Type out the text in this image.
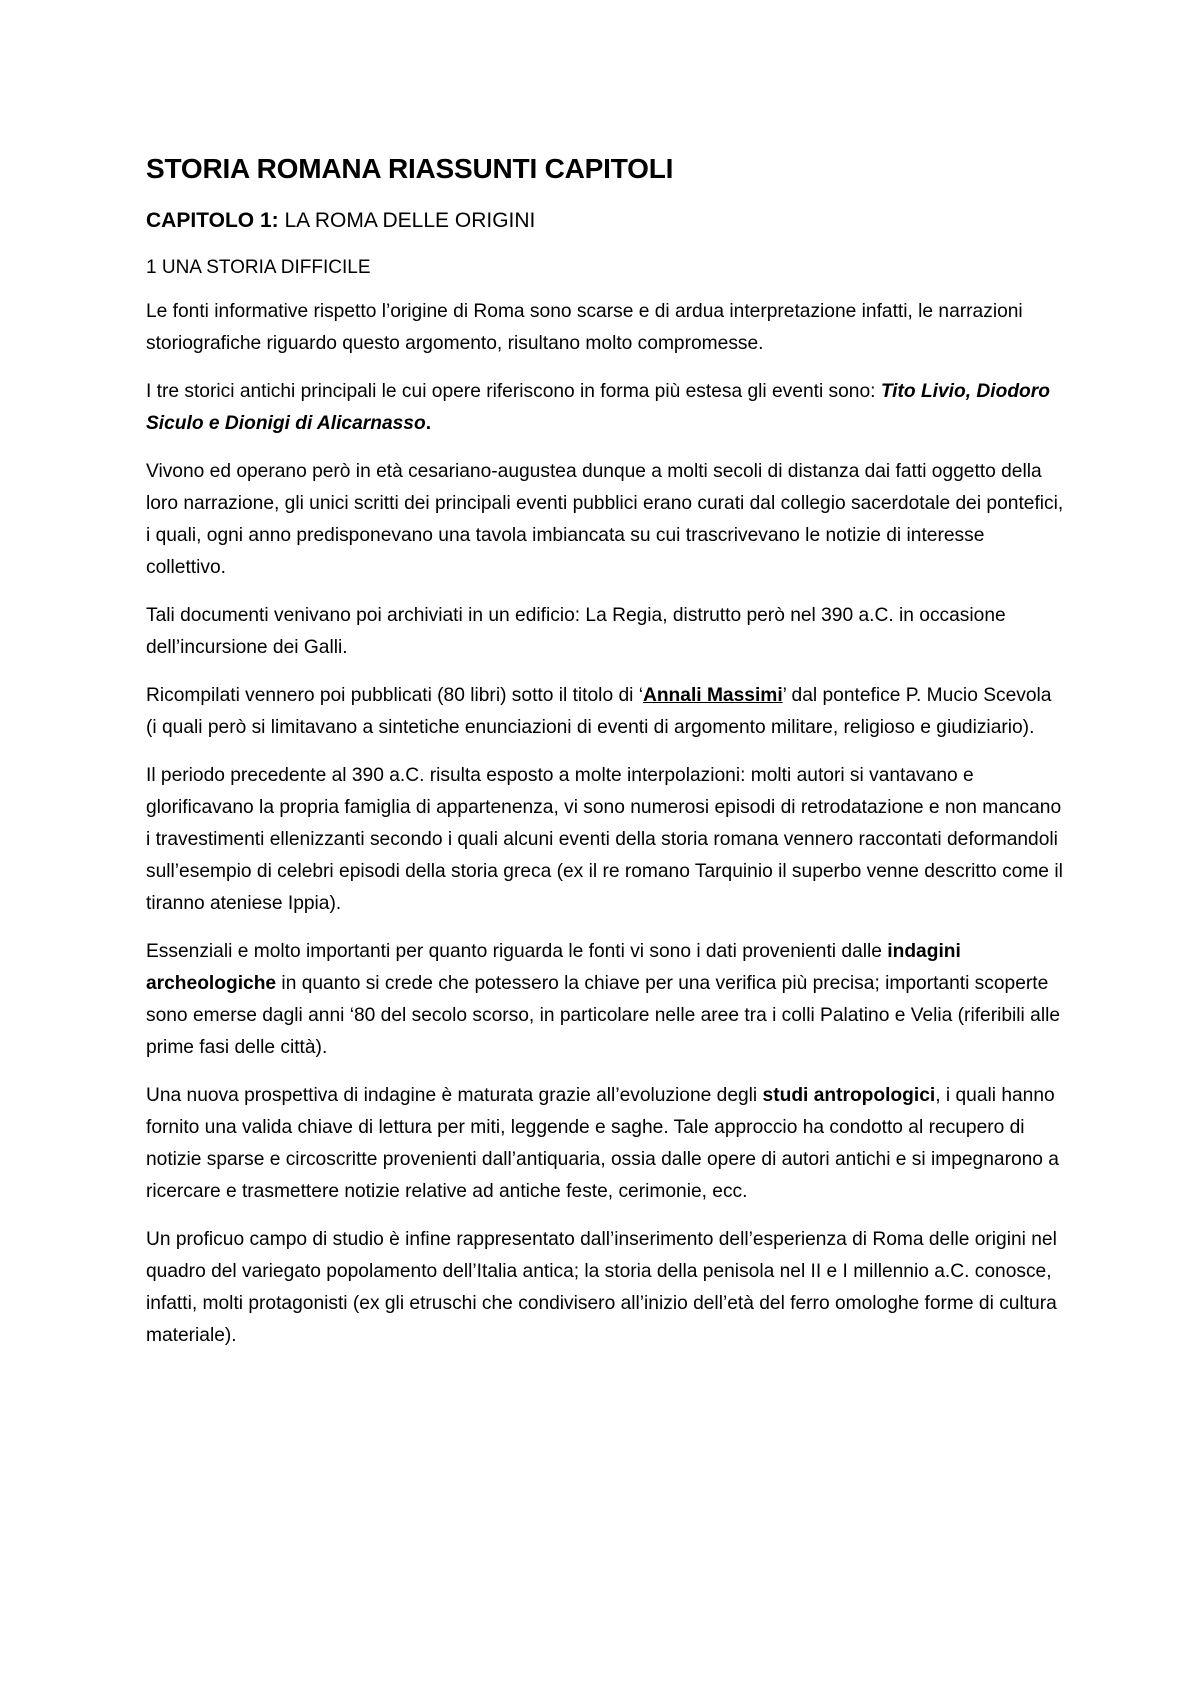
STORIA ROMANA RIASSUNTI CAPITOLI
CAPITOLO 1: LA ROMA DELLE ORIGINI
1 UNA STORIA DIFFICILE

Le fonti informative rispetto l’origine di Roma sono scarse e di ardua interpretazione infatti, le narrazioni storiografiche riguardo questo argomento, risultano molto compromesse.

I tre storici antichi principali le cui opere riferiscono in forma più estesa gli eventi sono: Tito Livio, Diodoro Siculo e Dionigi di Alicarnasso.

Vivono ed operano però in età cesariano-augustea dunque a molti secoli di distanza dai fatti oggetto della loro narrazione, gli unici scritti dei principali eventi pubblici erano curati dal collegio sacerdotale dei pontefici, i quali, ogni anno predisponevano una tavola imbiancata su cui trascrivevano le notizie di interesse collettivo.

Tali documenti venivano poi archiviati in un edificio: La Regia, distrutto però nel 390 a.C. in occasione dell’incursione dei Galli.

Ricompilati vennero poi pubblicati (80 libri) sotto il titolo di ‘Annali Massimi’ dal pontefice P. Mucio Scevola (i quali però si limitavano a sintetiche enunciazioni di eventi di argomento militare, religioso e giudiziario).

Il periodo precedente al 390 a.C. risulta esposto a molte interpolazioni: molti autori si vantavano e glorificavano la propria famiglia di appartenenza, vi sono numerosi episodi di retrodatazione e non mancano i travestimenti ellenizzanti secondo i quali alcuni eventi della storia romana vennero raccontati deformandoli sull’esempio di celebri episodi della storia greca (ex il re romano Tarquinio il superbo venne descritto come il tiranno ateniese Ippia).

Essenziali e molto importanti per quanto riguarda le fonti vi sono i dati provenienti dalle indagini archeologiche in quanto si crede che potessero la chiave per una verifica più precisa; importanti scoperte sono emerse dagli anni ‘80 del secolo scorso, in particolare nelle aree tra i colli Palatino e Velia (riferibili alle prime fasi delle città).

Una nuova prospettiva di indagine è maturata grazie all’evoluzione degli studi antropologici, i quali hanno fornito una valida chiave di lettura per miti, leggende e saghe. Tale approccio ha condotto al recupero di notizie sparse e circoscritte provenienti dall’antiquaria, ossia dalle opere di autori antichi e si impegnarono a ricercare e trasmettere notizie relative ad antiche feste, cerimonie, ecc.

Un proficuo campo di studio è infine rappresentato dall’inserimento dell’esperienza di Roma delle origini nel quadro del variegato popolamento dell’Italia antica; la storia della penisola nel II e I millennio a.C. conosce, infatti, molti protagonisti (ex gli etruschi che condivisero all’inizio dell’età del ferro omologhe forme di cultura materiale).
